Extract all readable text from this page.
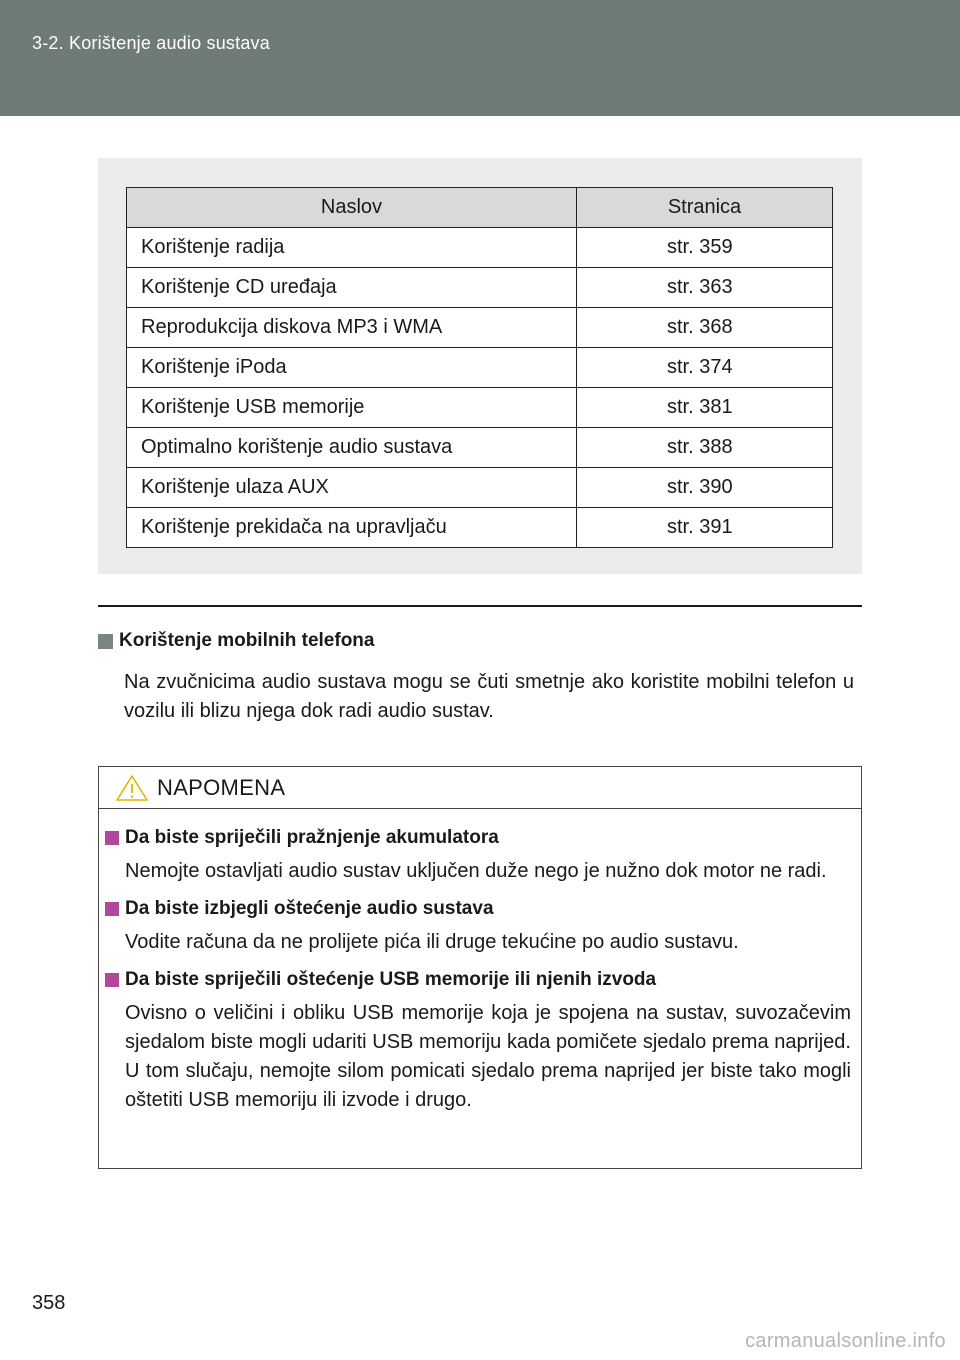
3-2. Korištenje audio sustava
Naslov	Stranica
Korištenje radija	str. 359
Korištenje CD uređaja	str. 363
Reprodukcija diskova MP3 i WMA	str. 368
Korištenje iPoda	str. 374
Korištenje USB memorije	str. 381
Optimalno korištenje audio sustava	str. 388
Korištenje ulaza AUX	str. 390
Korištenje prekidača na upravljaču	str. 391
Korištenje mobilnih telefona

Na zvučnicima audio sustava mogu se čuti smetnje ako koristite mobilni telefon u vozilu ili blizu njega dok radi audio sustav.

NAPOMENA
Da biste spriječili pražnjenje akumulatora

Nemojte ostavljati audio sustav uključen duže nego je nužno dok motor ne radi.

Da biste izbjegli oštećenje audio sustava

Vodite računa da ne prolijete pića ili druge tekućine po audio sustavu.

Da biste spriječili oštećenje USB memorije ili njenih izvoda

Ovisno o veličini i obliku USB memorije koja je spojena na sustav, suvozačevim sjedalom biste mogli udariti USB memoriju kada pomičete sjedalo prema naprijed. U tom slučaju, nemojte silom pomicati sjedalo prema naprijed jer biste tako mogli oštetiti USB memoriju ili izvode i drugo.

358
carmanualsonline.info
